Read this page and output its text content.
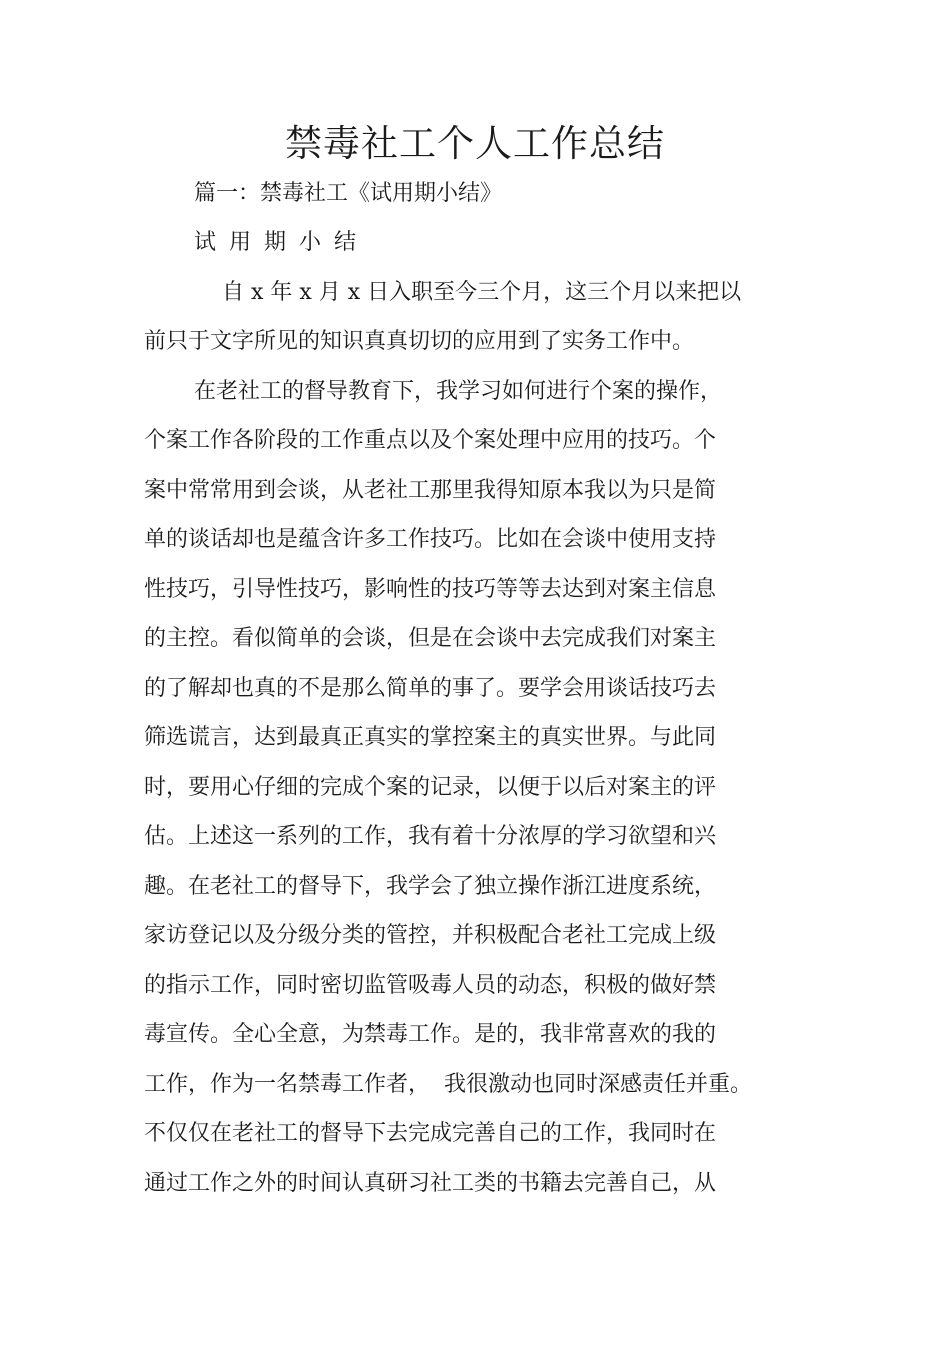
禁毒社工个人工作总结
篇一：禁毒社工《试用期小结》
试 用 期 小 结
自 x 年 x 月 x 日入职至今三个月，这三个月以来把以
前只于文字所见的知识真真切切的应用到了实务工作中。
在老社工的督导教育下，我学习如何进行个案的操作，
个案工作各阶段的工作重点以及个案处理中应用的技巧。个
案中常常用到会谈，从老社工那里我得知原本我以为只是简
单的谈话却也是蕴含许多工作技巧。比如在会谈中使用支持
性技巧，引导性技巧，影响性的技巧等等去达到对案主信息
的主控。看似简单的会谈，但是在会谈中去完成我们对案主
的了解却也真的不是那么简单的事了。要学会用谈话技巧去
筛选谎言，达到最真正真实的掌控案主的真实世界。与此同
时，要用心仔细的完成个案的记录，以便于以后对案主的评
估。上述这一系列的工作，我有着十分浓厚的学习欲望和兴
趣。在老社工的督导下，我学会了独立操作浙江进度系统，
家访登记以及分级分类的管控，并积极配合老社工完成上级
的指示工作，同时密切监管吸毒人员的动态，积极的做好禁
毒宣传。全心全意，为禁毒工作。是的，我非常喜欢的我的
工作，作为一名禁毒工作者，  我很激动也同时深感责任并重。
不仅仅在老社工的督导下去完成完善自己的工作，我同时在
通过工作之外的时间认真研习社工类的书籍去完善自己，从
